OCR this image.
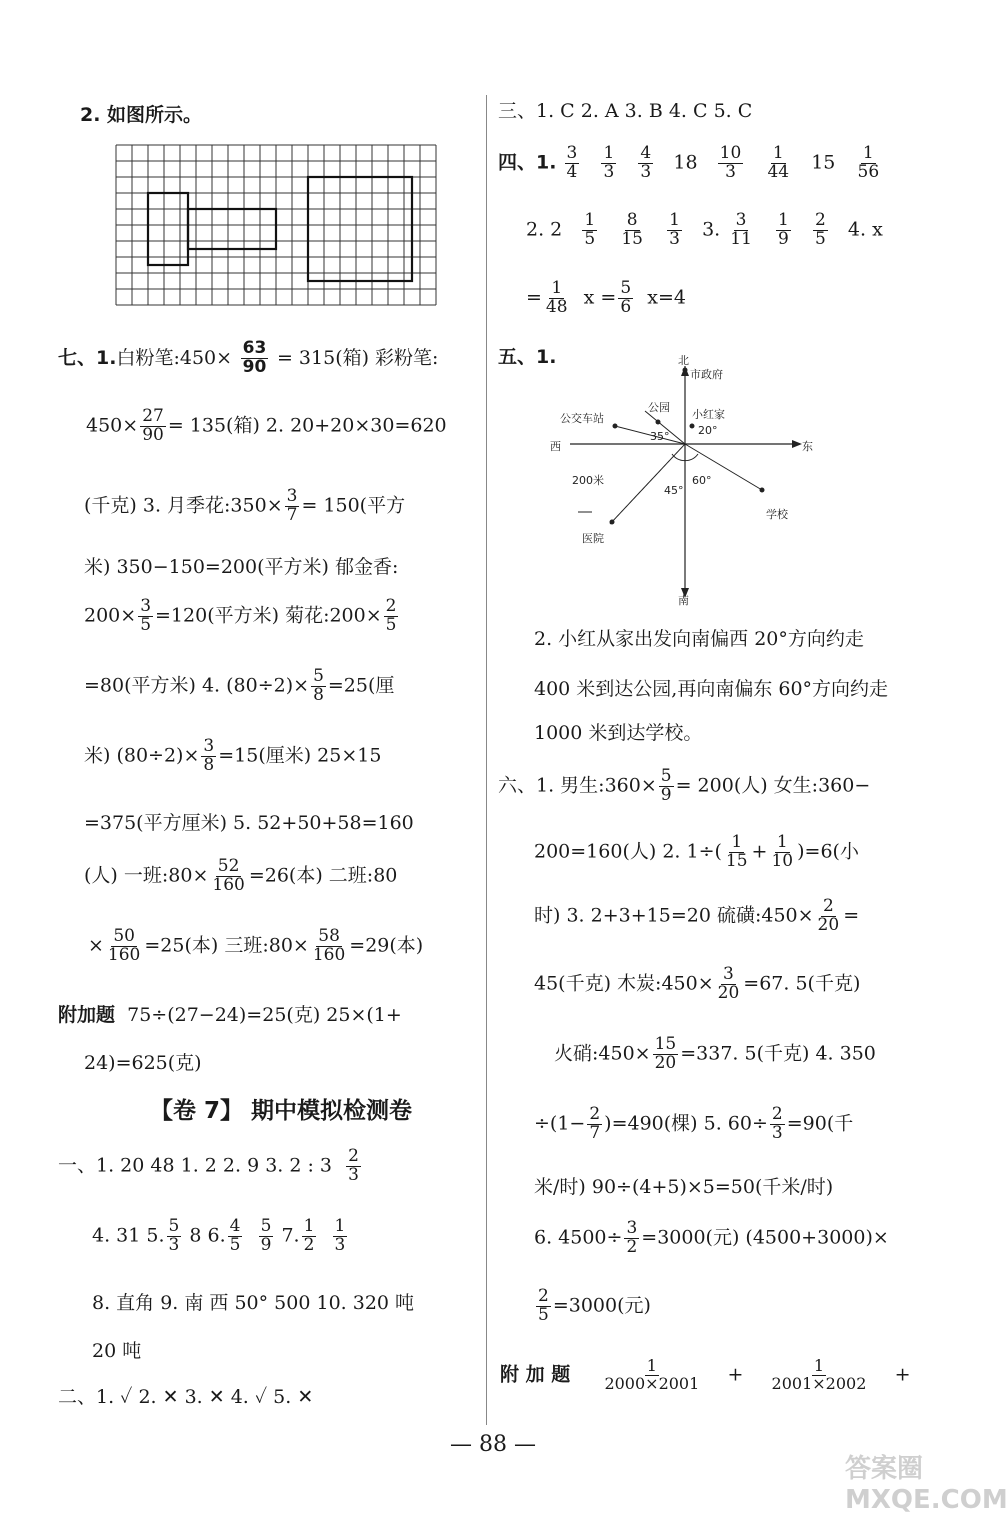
2. 如图所示。
七、1.白粉笔:450× $\frac{63}{90} = 315$(箱) 彩粉笔:
$450\times \frac{27}{90} = 135$(箱) 2. 20+20×30=620
(千克) 3. 月季花:350× $\frac{3}{7} = 150$(平方
米) 350−150=200(平方米) 郁金香:
$200\times \frac{3}{5} =120$(平方米) 菊花:200× $\frac{2}{5}$
=80(平方米) 4. $(80\div 2)\times \frac{5}{8} =25$(厘
米) $(80\div 2)\times \frac{3}{8} =15$(厘米) 25×15
=375(平方厘米) 5. 52+50+58=160
(人) 一班:80× $\frac{52}{160} =26$(本) 二班:80
× $\frac{50}{160} =25$(本) 三班:80× $\frac{58}{160} =29$(本)
附加题 75÷(27−24)=25(克) 25×(1+
24)=625(克)
【卷 7】 期中模拟检测卷
一、1. 20 48 1. 2 2. 9 3. 2 : $3 \frac{2}{3}$
4. 31 5. $\frac{5}{3} 8$ 6. $\frac{4}{5}$
$\frac{5}{9} 7$. $\frac{1}{2}$
$\frac{1}{3}$
8. 直角 9. 南 西 50° 500 10. 320 吨
20 吨
二、1. ✓ 2. ✕ 3. ✕ 4. ✓ 5. ✕
三、1. C 2. A 3. B 4. C 5. C
四、1. $\frac{3}{4}$
$\frac{1}{3}$
$\frac{4}{3} 18 \frac{10}{3}$
$\frac{1}{44} 15 \frac{1}{56}$
2. $2 \frac{1}{5}$
$\frac{8}{15}$
$\frac{1}{3} 3$. $\frac{3}{11}$
$\frac{1}{9}$
$\frac{2}{5} 4$. x
= $\frac{1}{48}$ $x = \frac{5}{6} x=4$
五、1.	北
南
东
西
市政府
小红家
公园
公交车站
医院
学校
200米
20°
35°
45°
60°
2. 小红从家出发向南偏西 20°方向约走
400 米到达公园,再向南偏东 60°方向约走
1000 米到达学校。
六、1. 男生:360× $\frac{5}{9} = 200$(人) 女生:360−
200=160(人) 2. $1\div( \frac{1}{15} + \frac{1}{10} )=6$(小
时) 3. 2+3+15=20 硫磺:450× $\frac{2}{20}$ =
45(千克) 木炭:450× $\frac{3}{20} =67$. 5(千克)
火硝:450× $\frac{15}{20} =337$. 5(千克) 4. 350
$\div(1- \frac{2}{7} )=490$(棵) 5. $60\div \frac{2}{3} =90$(千
米/时) 90÷(4+5)×5=50(千米/时)
6. $4500\div \frac{3}{2} =3000$(元) (4500+3000)×
$\frac{2}{5} =3000$(元)
附 加 题 $\frac{1}{2000\times 2001} + \frac{1}{2001\times 2002}$ +
— 88 —
答案圈 MXQE.COM
